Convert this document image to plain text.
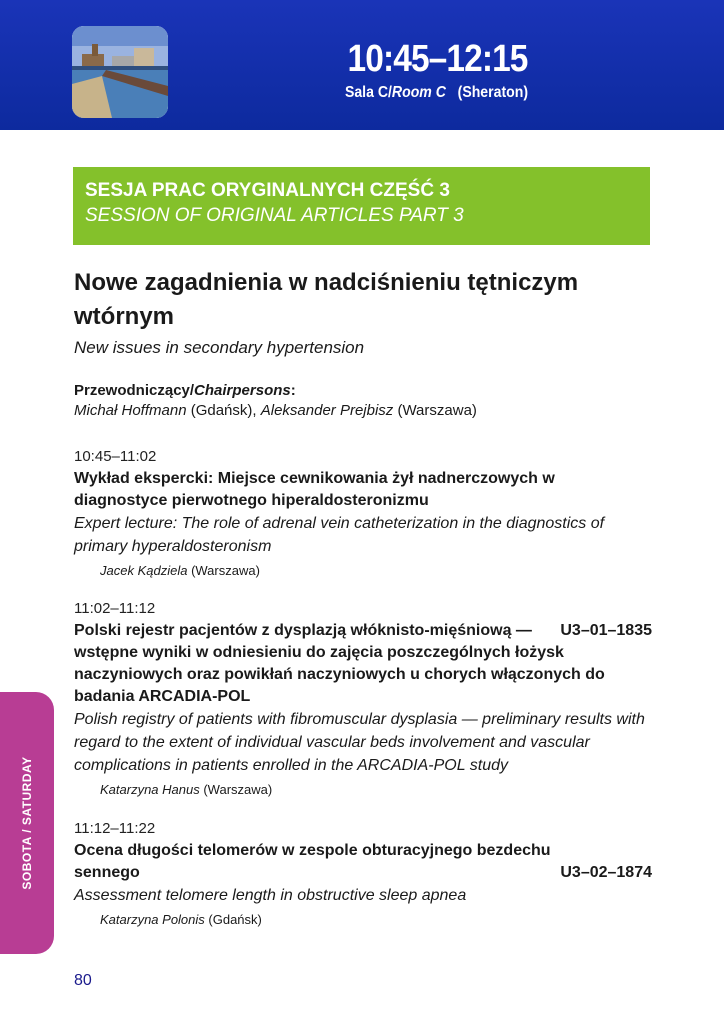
10:45–12:15
Sala C/Room C (Sheraton)
SESJA PRAC ORYGINALNYCH CZĘŚĆ 3
SESSION OF ORIGINAL ARTICLES PART 3
Nowe zagadnienia w nadciśnieniu tętniczym wtórnym
New issues in secondary hypertension
Przewodniczący/Chairpersons:
Michał Hoffmann (Gdańsk), Aleksander Prejbisz (Warszawa)
10:45–11:02
Wykład ekspercki: Miejsce cewnikowania żył nadnerczowych w diagnostyce pierwotnego hiperaldosteronizmu
Expert lecture: The role of adrenal vein catheterization in the diagnostics of primary hyperaldosteronism
Jacek Kądziela (Warszawa)
11:02–11:12
U3–01–1835
Polski rejestr pacjentów z dysplazją włóknisto-mięśniową — wstępne wyniki w odniesieniu do zajęcia poszczególnych łożysk naczyniowych oraz powikłań naczyniowych u chorych włączonych do badania ARCADIA-POL
Polish registry of patients with fibromuscular dysplasia — preliminary results with regard to the extent of individual vascular beds involvement and vascular complications in patients enrolled in the ARCADIA-POL study
Katarzyna Hanus (Warszawa)
11:12–11:22
U3–02–1874
Ocena długości telomerów w zespole obturacyjnego bezdechu sennego
Assessment telomere length in obstructive sleep apnea
Katarzyna Polonis (Gdańsk)
SOBOTA / SATURDAY
80
